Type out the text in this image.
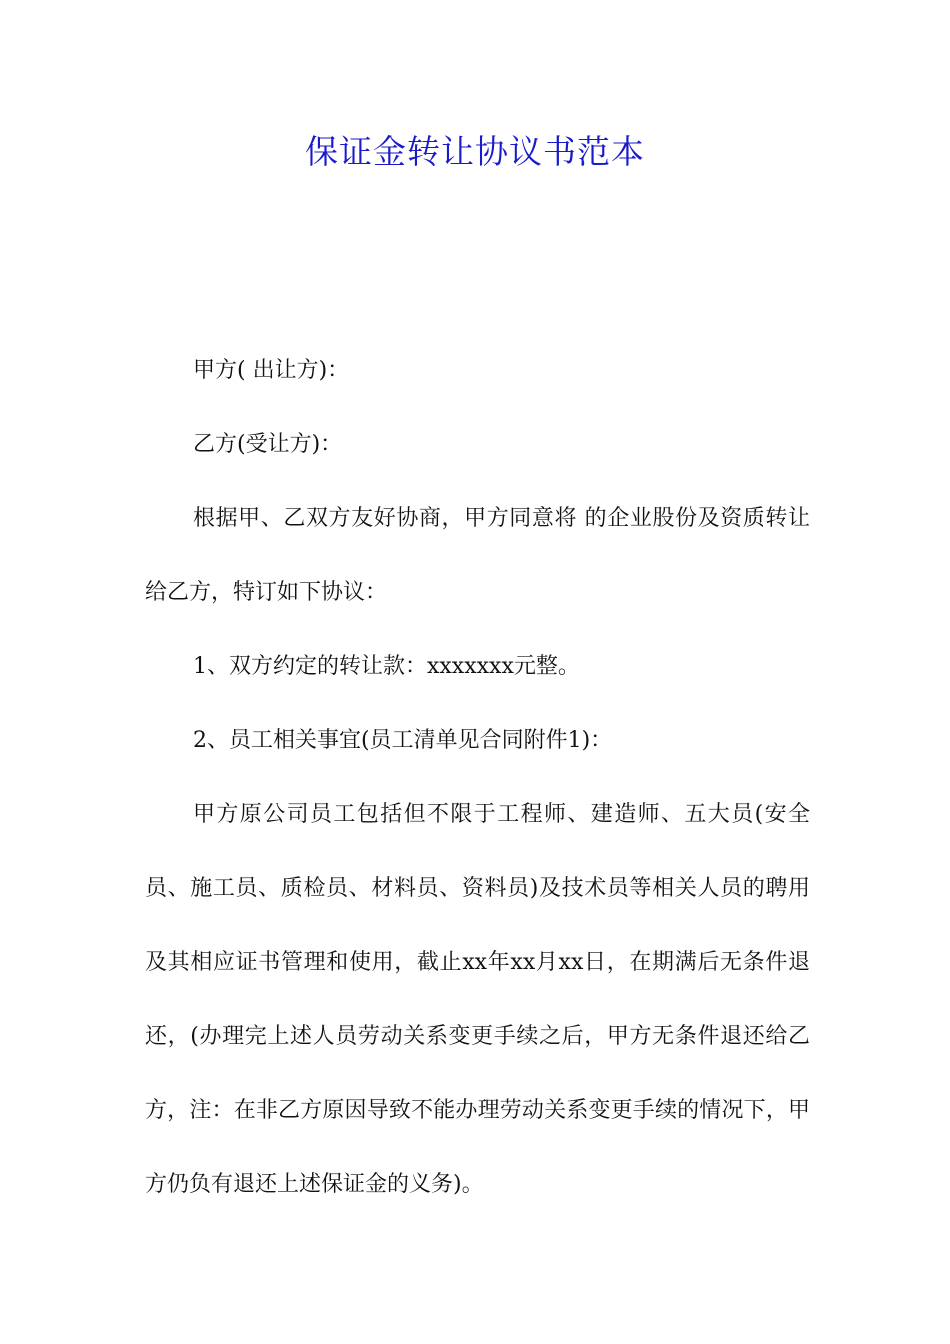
保证金转让协议书范本

甲方( 出让方)：

乙方(受让方)：

根据甲、乙双方友好协商，甲方同意将 的企业股份及资质转让给乙方，特订如下协议：

1、双方约定的转让款：xxxxxxx元整。

2、员工相关事宜(员工清单见合同附件1)：

甲方原公司员工包括但不限于工程师、建造师、五大员(安全员、施工员、质检员、材料员、资料员)及技术员等相关人员的聘用及其相应证书管理和使用，截止xx年xx月xx日，在期满后无条件退还，(办理完上述人员劳动关系变更手续之后，甲方无条件退还给乙方，注：在非乙方原因导致不能办理劳动关系变更手续的情况下，甲方仍负有退还上述保证金的义务)。
